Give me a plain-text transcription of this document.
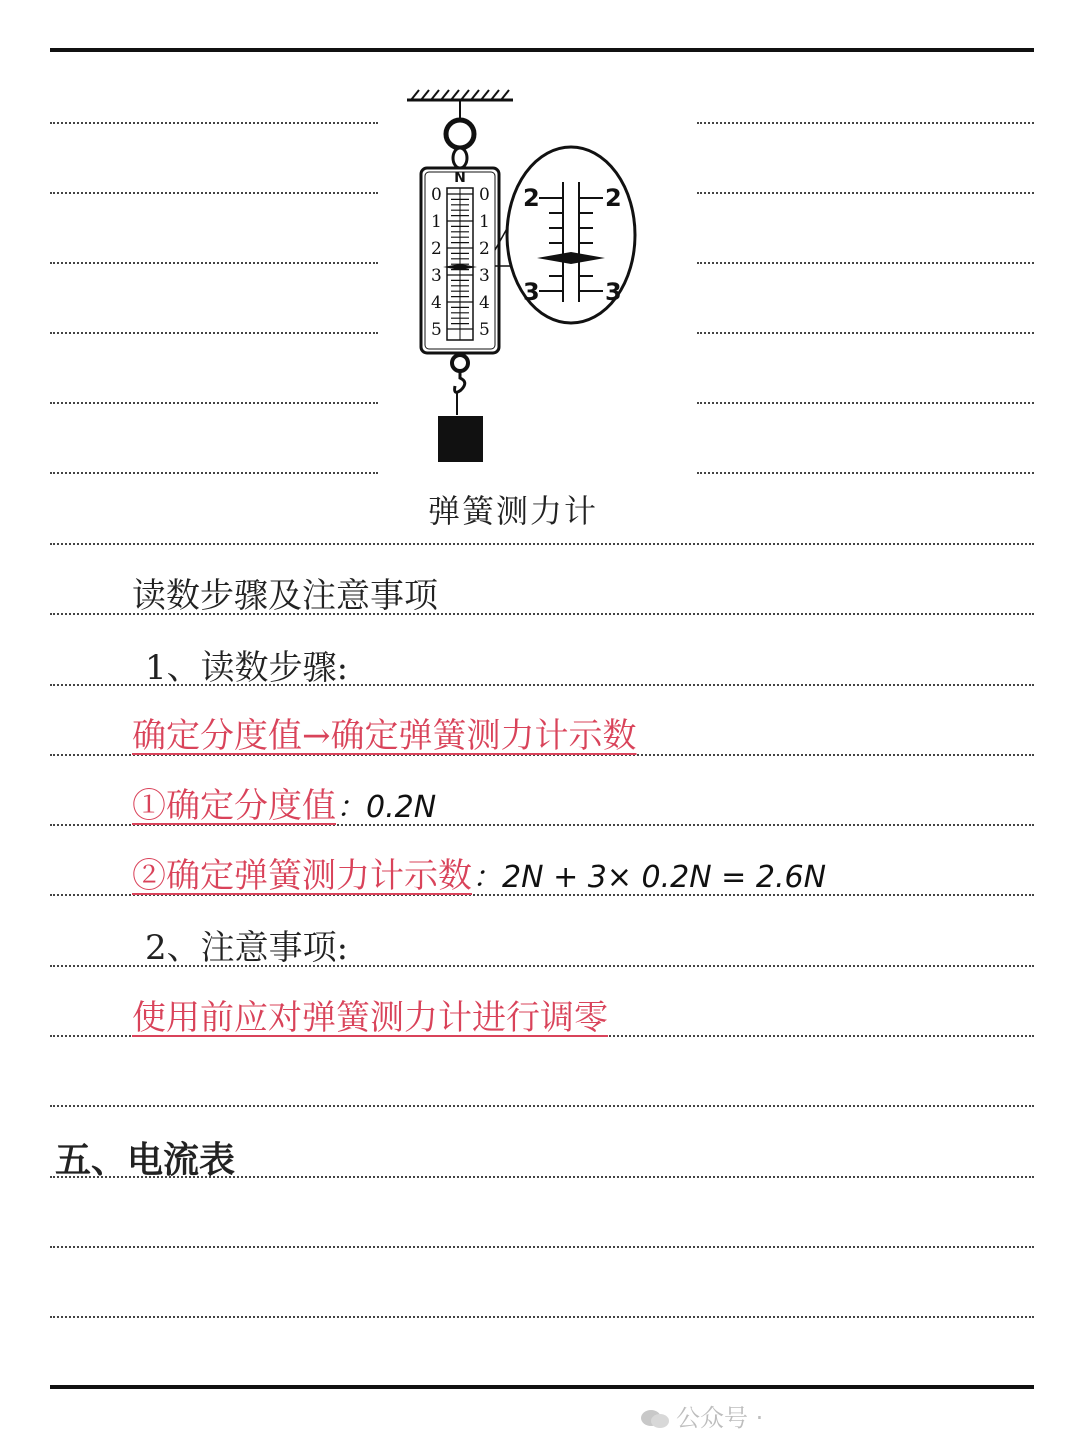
N
0 0
1 1
2 2
3 3
4 4
5 5
2	2
3	3
弹簧测力计
读数步骤及注意事项
1、读数步骤:
确定分度值→确定弹簧测力计示数
①确定分度值：0.2N
②确定弹簧测力计示数：2N + 3× 0.2N = 2.6N
2、注意事项:
使用前应对弹簧测力计进行调零
五、电流表
公众号 ·
